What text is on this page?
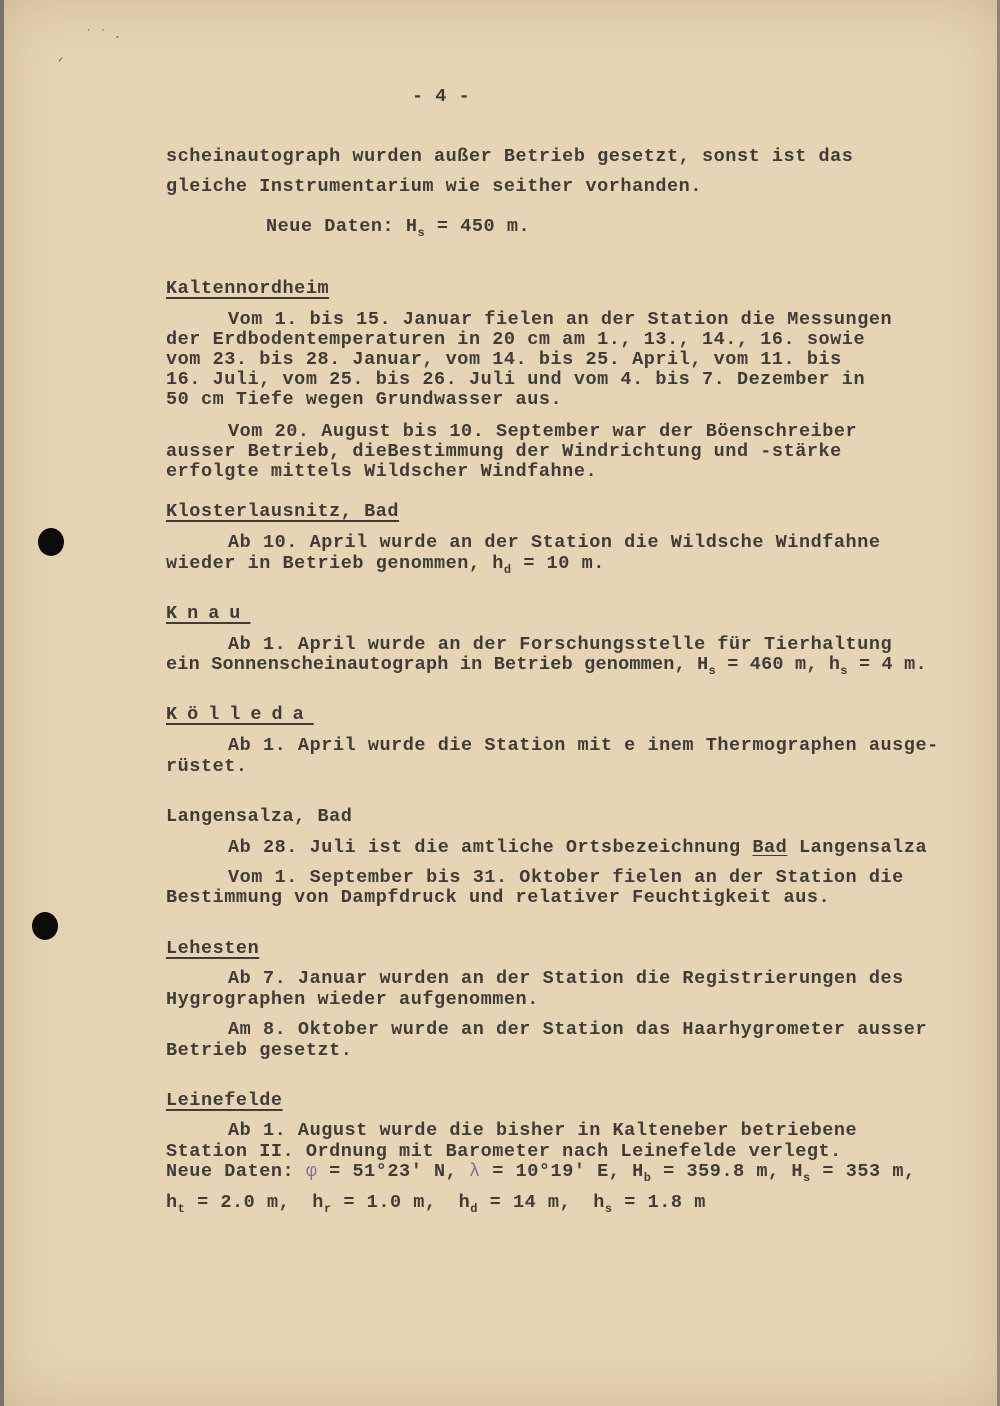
˙ ˙ .
ᐟ
- 4 -
scheinautograph wurden außer Betrieb gesetzt, sonst ist das
gleiche Instrumentarium wie seither vorhanden.
Neue Daten: $H_s = 450$ m.
Kaltennordheim
Vom 1. bis 15. Januar fielen an der Station die Messungen
der Erdbodentemperaturen in 20 cm am 1., 13., 14., 16. sowie
vom 23. bis 28. Januar, vom 14. bis 25. April, vom 11. bis
16. Juli, vom 25. bis 26. Juli und vom 4. bis 7. Dezember in
50 cm Tiefe wegen Grundwasser aus.
Vom 20. August bis 10. September war der Böenschreiber
ausser Betrieb, dieBestimmung der Windrichtung und -stärke
erfolgte mittels Wildscher Windfahne.
Klosterlausnitz, Bad
Ab 10. April wurde an der Station die Wildsche Windfahne
wieder in Betrieb genommen, $h_d = 10$ m.
Knau
Ab 1. April wurde an der Forschungsstelle für Tierhaltung
ein Sonnenscheinautograph in Betrieb genommen, $H_s = 460$ m, $h_s = 4$ m.
Kölleda
Ab 1. April wurde die Station mit e inem Thermographen ausge-
rüstet.
Langensalza, Bad
Ab 28. Juli ist die amtliche Ortsbezeichnung Bad Langensalza
Vom 1. September bis 31. Oktober fielen an der Station die
Bestimmung von Dampfdruck und relativer Feuchtigkeit aus.
Lehesten
Ab 7. Januar wurden an der Station die Registrierungen des
Hygrographen wieder aufgenommen.
Am 8. Oktober wurde an der Station das Haarhygrometer ausser
Betrieb gesetzt.
Leinefelde
Ab 1. August wurde die bisher in Kalteneber betriebene
Station II. Ordnung mit Barometer nach Leinefelde verlegt.
Neue Daten: φ = 51°23' N, λ = 10°19' E, $H_b = 359.8$ m, $H_s = 353$ m,
$h_t = 2.0$ m, $h_r = 1.0$ m, $h_d = 14$ m, $h_s = 1.8$ m
